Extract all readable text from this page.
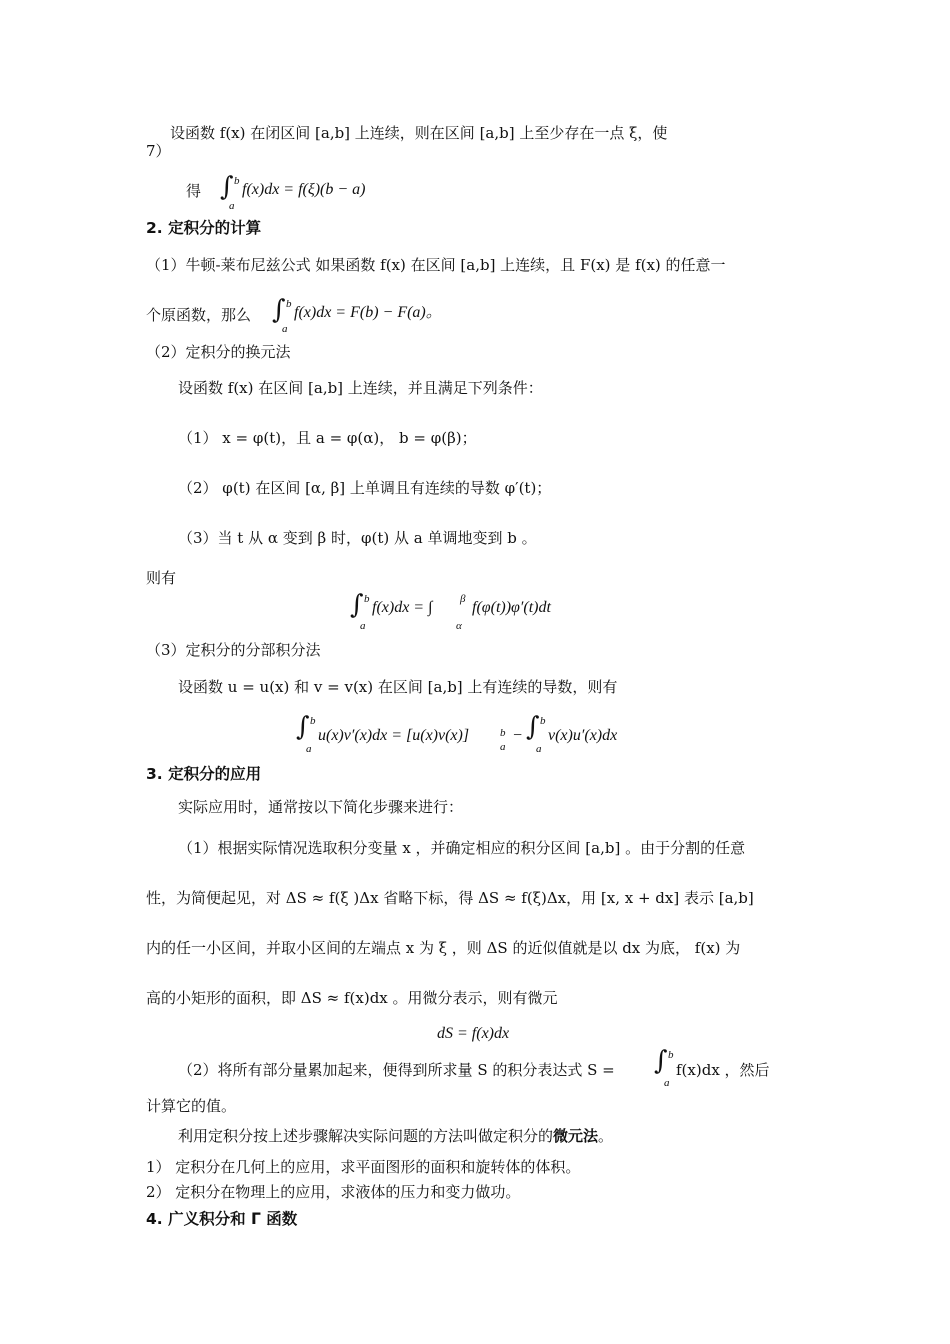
设函数 f(x) 在闭区间 [a,b] 上连续，则在区间 [a,b] 上至少存在一点 ξ，使
7）
得 ∫ b
a
f(x)dx = f(ξ)(b − a)
2. 定积分的计算
（1）牛顿-莱布尼兹公式 如果函数 f(x) 在区间 [a,b] 上连续，且 F(x) 是 f(x) 的任意一
个原函数，那么 ∫ b
a
f(x)dx = F(b) − F(a)。
（2）定积分的换元法
设函数 f(x) 在区间 [a,b] 上连续，并且满足下列条件：
（1） x = φ(t)，且 a = φ(α)， b = φ(β)；
（2） φ(t) 在区间 [α, β] 上单调且有连续的导数 φ′(t)；
（3）当 t 从 α 变到 β 时，φ(t) 从 a 单调地变到 b 。
则有
∫ b
a
f(x)dx = ∫	β
α
f(φ(t))φ′(t)dt
（3）定积分的分部积分法
设函数 u = u(x) 和 v = v(x) 在区间 [a,b] 上有连续的导数，则有
∫ b
a
u(x)v′(x)dx = [u(x)v(x)]	b
a
− ∫ b
a
v(x)u′(x)dx
3. 定积分的应用
实际应用时，通常按以下简化步骤来进行：
（1）根据实际情况选取积分变量 x ，并确定相应的积分区间 [a,b] 。由于分割的任意
性，为简便起见，对 ΔS ≈ f(ξ )Δx 省略下标，得 ΔS ≈ f(ξ)Δx，用 [x, x + dx] 表示 [a,b]
内的任一小区间，并取小区间的左端点 x 为 ξ ，则 ΔS 的近似值就是以 dx 为底， f(x) 为
高的小矩形的面积，即 ΔS ≈ f(x)dx 。用微分表示，则有微元
dS = f(x)dx
（2）将所有部分量累加起来，便得到所求量 S 的积分表达式 S = ∫ b
a
f(x)dx ，然后
计算它的值。
利用定积分按上述步骤解决实际问题的方法叫做定积分的微元法。
1） 定积分在几何上的应用，求平面图形的面积和旋转体的体积。
2） 定积分在物理上的应用，求液体的压力和变力做功。
4. 广义积分和 Γ 函数
